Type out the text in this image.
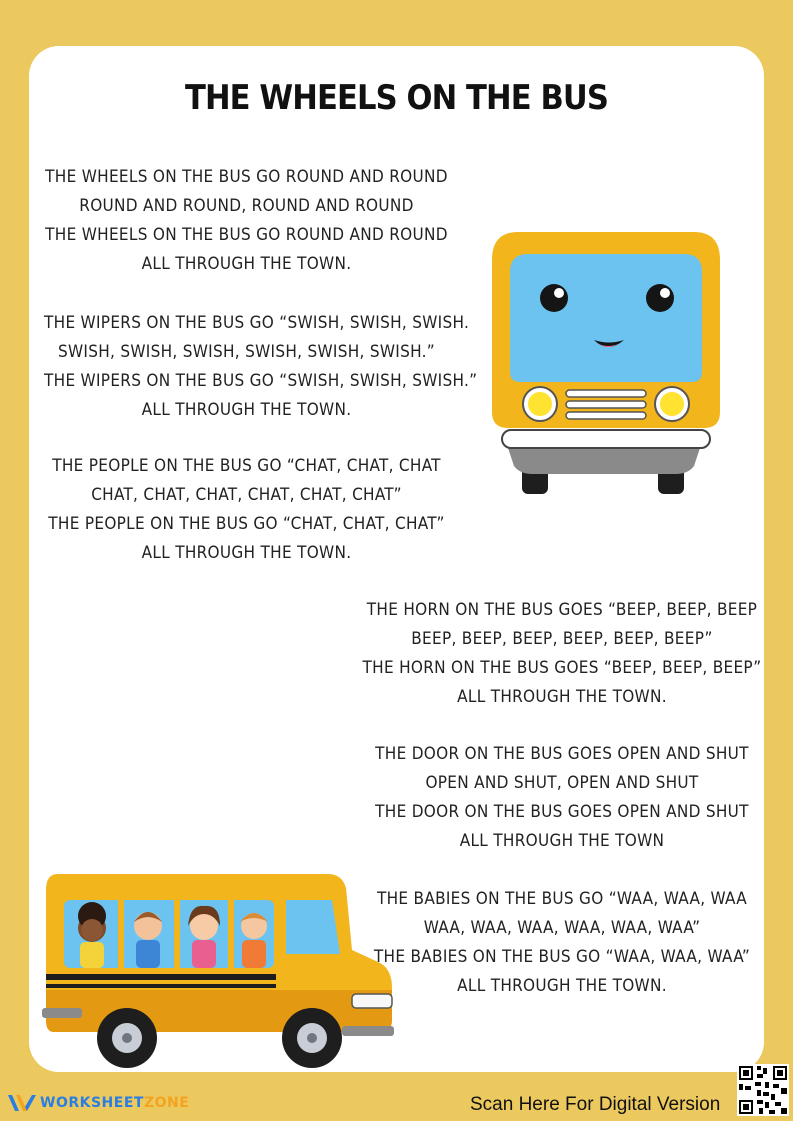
THE WHEELS ON THE BUS
THE WHEELS ON THE BUS GO ROUND AND ROUND
ROUND AND ROUND, ROUND AND ROUND
THE WHEELS ON THE BUS GO ROUND AND ROUND
ALL THROUGH THE TOWN.
THE WIPERS ON THE BUS GO “SWISH, SWISH, SWISH.
SWISH, SWISH, SWISH, SWISH, SWISH, SWISH.”
THE WIPERS ON THE BUS GO “SWISH, SWISH, SWISH.”
ALL THROUGH THE TOWN.
THE PEOPLE ON THE BUS GO “CHAT, CHAT, CHAT
CHAT, CHAT, CHAT, CHAT, CHAT, CHAT”
THE PEOPLE ON THE BUS GO “CHAT, CHAT, CHAT”
ALL THROUGH THE TOWN.
THE HORN ON THE BUS GOES “BEEP, BEEP, BEEP
BEEP, BEEP, BEEP, BEEP, BEEP, BEEP”
THE HORN ON THE BUS GOES “BEEP, BEEP, BEEP”
ALL THROUGH THE TOWN.
THE DOOR ON THE BUS GOES OPEN AND SHUT
OPEN AND SHUT, OPEN AND SHUT
THE DOOR ON THE BUS GOES OPEN AND SHUT
ALL THROUGH THE TOWN
THE BABIES ON THE BUS GO “WAA, WAA, WAA
WAA, WAA, WAA, WAA, WAA, WAA”
THE BABIES ON THE BUS GO “WAA, WAA, WAA”
ALL THROUGH THE TOWN.
WORKSHEETZONE	Scan Here For Digital Version
